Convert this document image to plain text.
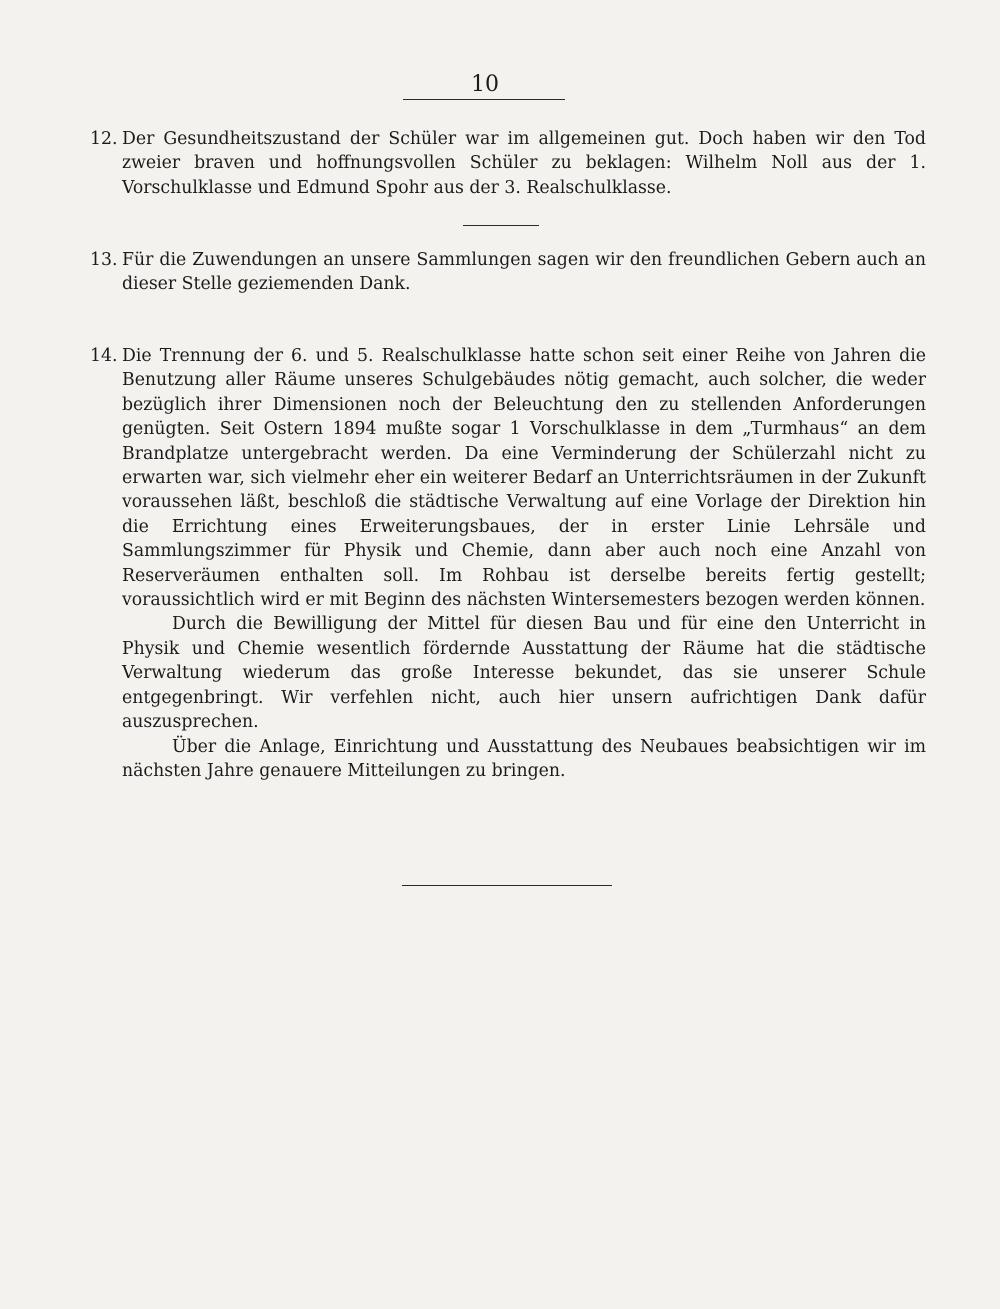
10
12. Der Gesundheitszustand der Schüler war im allgemeinen gut. Doch haben wir den Tod zweier braven und hoffnungsvollen Schüler zu beklagen: Wilhelm Noll aus der 1. Vorschulklasse und Edmund Spohr aus der 3. Realschulklasse.

13. Für die Zuwendungen an unsere Sammlungen sagen wir den freundlichen Gebern auch an dieser Stelle geziemenden Dank.

14. Die Trennung der 6. und 5. Realschulklasse hatte schon seit einer Reihe von Jahren die Benutzung aller Räume unseres Schulgebäudes nötig gemacht, auch solcher, die weder bezüglich ihrer Dimensionen noch der Beleuchtung den zu stellenden Anforderungen genügten. Seit Ostern 1894 mußte sogar 1 Vorschulklasse in dem „Turmhaus“ an dem Brandplatze untergebracht werden. Da eine Verminderung der Schülerzahl nicht zu erwarten war, sich vielmehr eher ein weiterer Bedarf an Unterrichtsräumen in der Zukunft voraussehen läßt, beschloß die städtische Verwaltung auf eine Vorlage der Direktion hin die Errichtung eines Erweiterungsbaues, der in erster Linie Lehrsäle und Sammlungszimmer für Physik und Chemie, dann aber auch noch eine Anzahl von Reserveräumen enthalten soll. Im Rohbau ist derselbe bereits fertig gestellt; voraussichtlich wird er mit Beginn des nächsten Wintersemesters bezogen werden können.

Durch die Bewilligung der Mittel für diesen Bau und für eine den Unterricht in Physik und Chemie wesentlich fördernde Ausstattung der Räume hat die städtische Verwaltung wiederum das große Interesse bekundet, das sie unserer Schule entgegenbringt. Wir verfehlen nicht, auch hier unsern aufrichtigen Dank dafür auszusprechen.

Über die Anlage, Einrichtung und Ausstattung des Neubaues beabsichtigen wir im nächsten Jahre genauere Mitteilungen zu bringen.
